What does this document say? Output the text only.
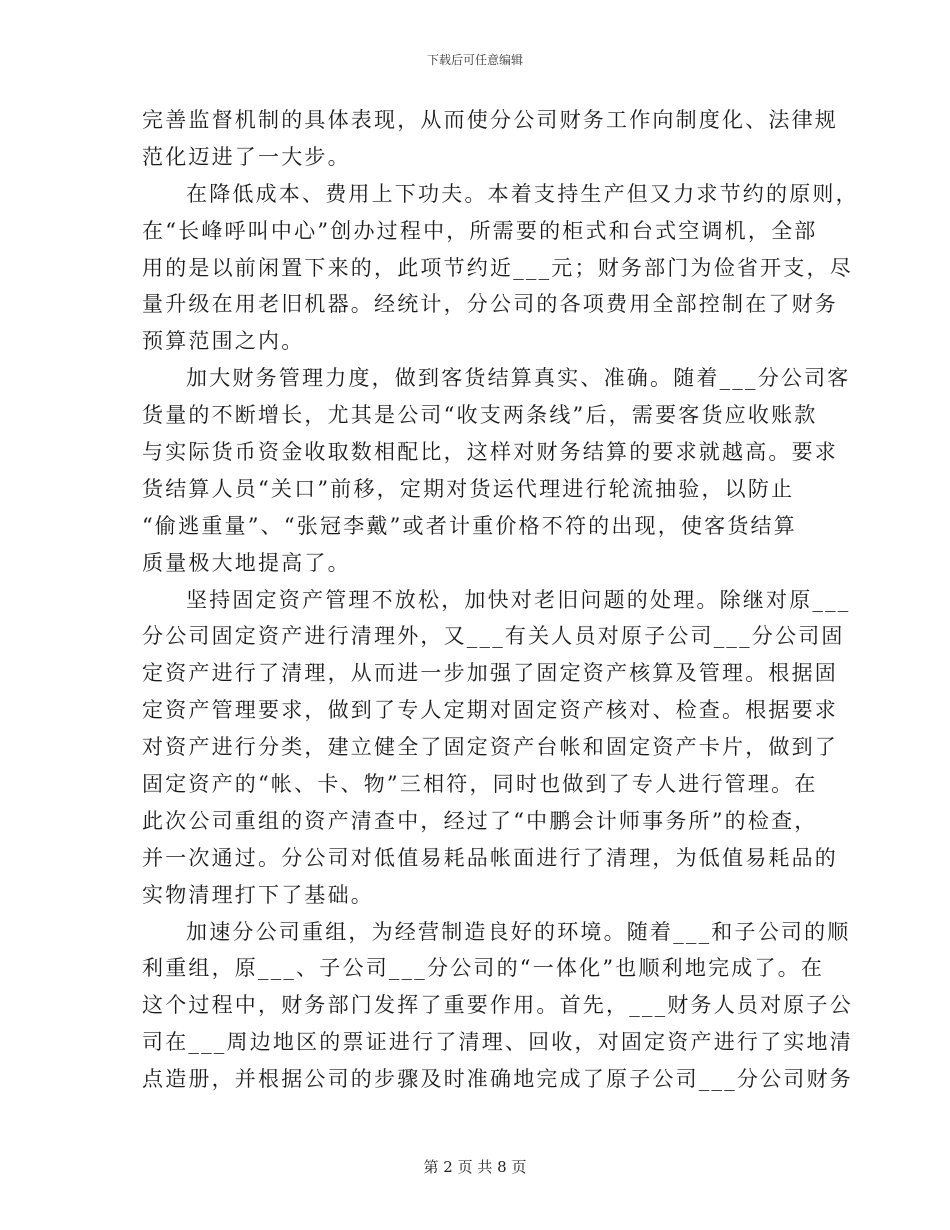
下载后可任意编辑
完善监督机制的具体表现，从而使分公司财务工作向制度化、法律规
范化迈进了一大步。
在降低成本、费用上下功夫。本着支持生产但又力求节约的原则，
在“长峰呼叫中心”创办过程中，所需要的柜式和台式空调机，全部
用的是以前闲置下来的，此项节约近___元；财务部门为俭省开支，尽
量升级在用老旧机器。经统计，分公司的各项费用全部控制在了财务
预算范围之内。
加大财务管理力度，做到客货结算真实、准确。随着___分公司客
货量的不断增长，尤其是公司“收支两条线”后，需要客货应收账款
与实际货币资金收取数相配比，这样对财务结算的要求就越高。要求
货结算人员“关口”前移，定期对货运代理进行轮流抽验，以防止
“偷逃重量”、“张冠李戴”或者计重价格不符的出现，使客货结算
质量极大地提高了。
坚持固定资产管理不放松，加快对老旧问题的处理。除继对原___
分公司固定资产进行清理外，又___有关人员对原子公司___分公司固
定资产进行了清理，从而进一步加强了固定资产核算及管理。根据固
定资产管理要求，做到了专人定期对固定资产核对、检查。根据要求
对资产进行分类，建立健全了固定资产台帐和固定资产卡片，做到了
固定资产的“帐、卡、物”三相符，同时也做到了专人进行管理。在
此次公司重组的资产清查中，经过了“中鹏会计师事务所”的检查，
并一次通过。分公司对低值易耗品帐面进行了清理，为低值易耗品的
实物清理打下了基础。
加速分公司重组，为经营制造良好的环境。随着___和子公司的顺
利重组，原___、子公司___分公司的“一体化”也顺利地完成了。在
这个过程中，财务部门发挥了重要作用。首先，___财务人员对原子公
司在___周边地区的票证进行了清理、回收，对固定资产进行了实地清
点造册，并根据公司的步骤及时准确地完成了原子公司___分公司财务
第 2 页 共 8 页
